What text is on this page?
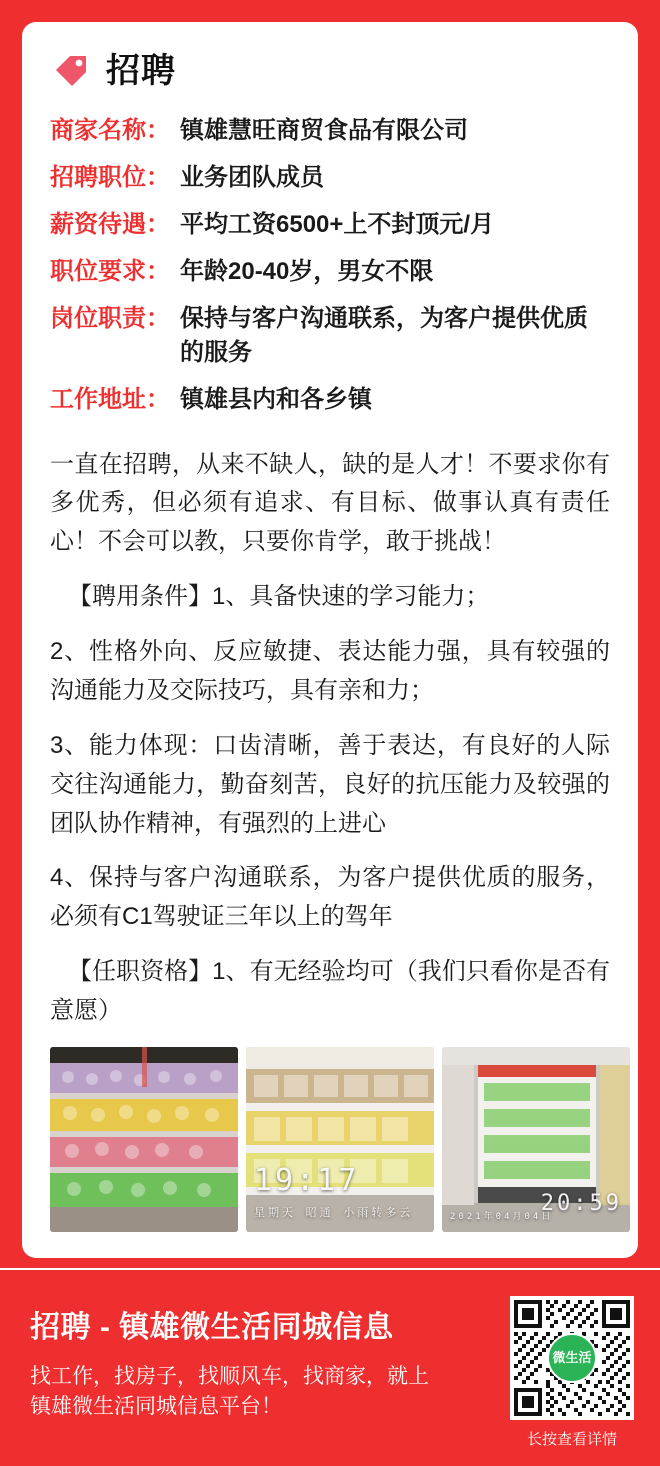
招聘
商家名称 ： 镇雄慧旺商贸食品有限公司
招聘职位 ： 业务团队成员
薪资待遇 ： 平均工资6500+上不封顶元/月
职位要求 ： 年龄20-40岁，男女不限
岗位职责 ： 保持与客户沟通联系，为客户提供优质的服务
工作地址 ： 镇雄县内和各乡镇

一直在招聘，从来不缺人，缺的是人才！不要求你有多优秀，但必须有追求、有目标、做事认真有责任心！不会可以教，只要你肯学，敢于挑战！

【聘用条件】1、具备快速的学习能力；

2、性格外向、反应敏捷、表达能力强，具有较强的沟通能力及交际技巧，具有亲和力；

3、能力体现：口齿清晰，善于表达，有良好的人际交往沟通能力，勤奋刻苦，良好的抗压能力及较强的团队协作精神，有强烈的上进心

4、保持与客户沟通联系，为客户提供优质的服务，必须有C1驾驶证三年以上的驾年

【任职资格】1、有无经验均可（我们只看你是否有意愿）

19:17
星期天 昭通 小雨转多云	20:59
2021年04月04日
招聘 - 镇雄微生活同城信息
找工作，找房子，找顺风车，找商家，就上
镇雄微生活同城信息平台！
微生活
长按查看详情
